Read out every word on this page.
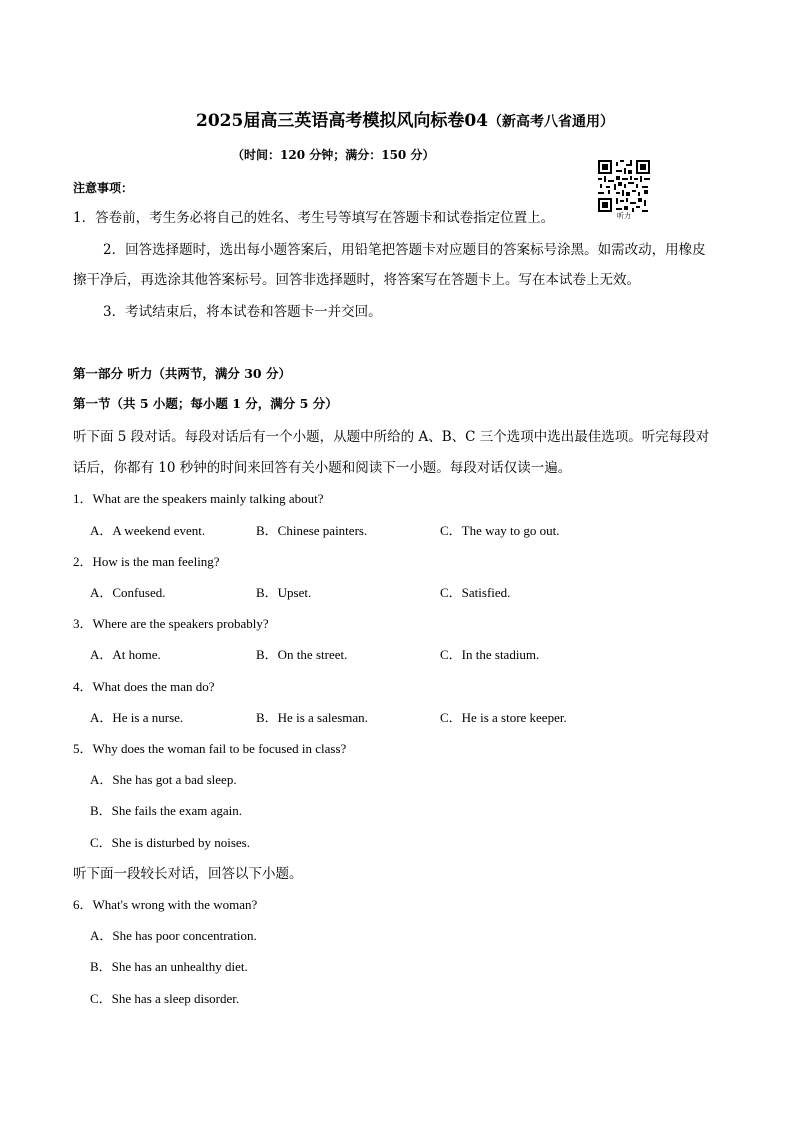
2025届高三英语高考模拟风向标卷04（新高考八省通用）
（时间：120 分钟；满分：150 分）
听力
注意事项：
1．答卷前，考生务必将自己的姓名、考生号等填写在答题卡和试卷指定位置上。
2．回答选择题时，选出每小题答案后，用铅笔把答题卡对应题目的答案标号涂黑。如需改动，用橡皮
擦干净后，再选涂其他答案标号。回答非选择题时，将答案写在答题卡上。写在本试卷上无效。
3．考试结束后，将本试卷和答题卡一并交回。
第一部分 听力（共两节，满分 30 分）
第一节（共 5 小题；每小题 1 分，满分 5 分）
听下面 5 段对话。每段对话后有一个小题，从题中所给的 A、B、C 三个选项中选出最佳选项。听完每段对
话后，你都有 10 秒钟的时间来回答有关小题和阅读下一小题。每段对话仅读一遍。
1．What are the speakers mainly talking about?
A．A weekend event.	B．Chinese painters.	C．The way to go out.
2．How is the man feeling?
A．Confused.	B．Upset.	C．Satisfied.
3．Where are the speakers probably?
A．At home.	B．On the street.	C．In the stadium.
4．What does the man do?
A．He is a nurse.	B．He is a salesman.	C．He is a store keeper.
5．Why does the woman fail to be focused in class?
A．She has got a bad sleep.
B．She fails the exam again.
C．She is disturbed by noises.
听下面一段较长对话，回答以下小题。
6．What's wrong with the woman?
A．She has poor concentration.
B．She has an unhealthy diet.
C．She has a sleep disorder.
